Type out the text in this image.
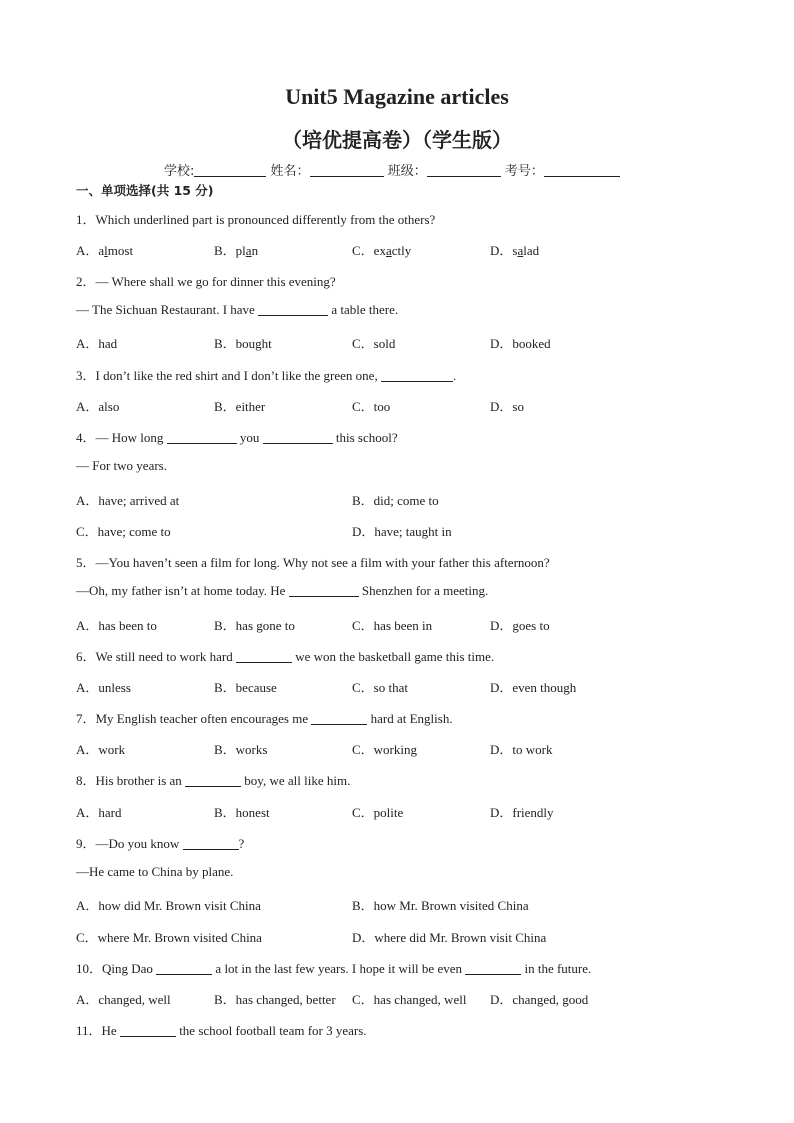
Unit5 Magazine articles
（培优提高卷）（学生版）
学校:	姓名：	班级：	考号：
一、单项选择(共 15 分)
1．Which underlined part is pronounced differently from the others?
A．almost	B．plan	C．exactly	D．salad
2．— Where shall we go for dinner this evening?
— The Sichuan Restaurant. I have	a table there.
A．had	B．bought	C．sold	D．booked
3．I don’t like the red shirt and I don’t like the green one,	.
A．also	B．either	C．too	D．so
4．— How long	you	this school?
— For two years.
A．have; arrived at	B．did; come to
C．have; come to	D．have; taught in
5．—You haven’t seen a film for long. Why not see a film with your father this afternoon?
—Oh, my father isn’t at home today. He	Shenzhen for a meeting.
A．has been to	B．has gone to	C．has been in	D．goes to
6．We still need to work hard	we won the basketball game this time.
A．unless	B．because	C．so that	D．even though
7．My English teacher often encourages me	hard at English.
A．work	B．works	C．working	D．to work
8．His brother is an	boy, we all like him.
A．hard	B．honest	C．polite	D．friendly
9．—Do you know	?
—He came to China by plane.
A．how did Mr. Brown visit China	B．how Mr. Brown visited China
C．where Mr. Brown visited China	D．where did Mr. Brown visit China
10．Qing Dao	a lot in the last few years. I hope it will be even	in the future.
A．changed, well	B．has changed, better C．has changed, well D．changed, good
11．He	the school football team for 3 years.
